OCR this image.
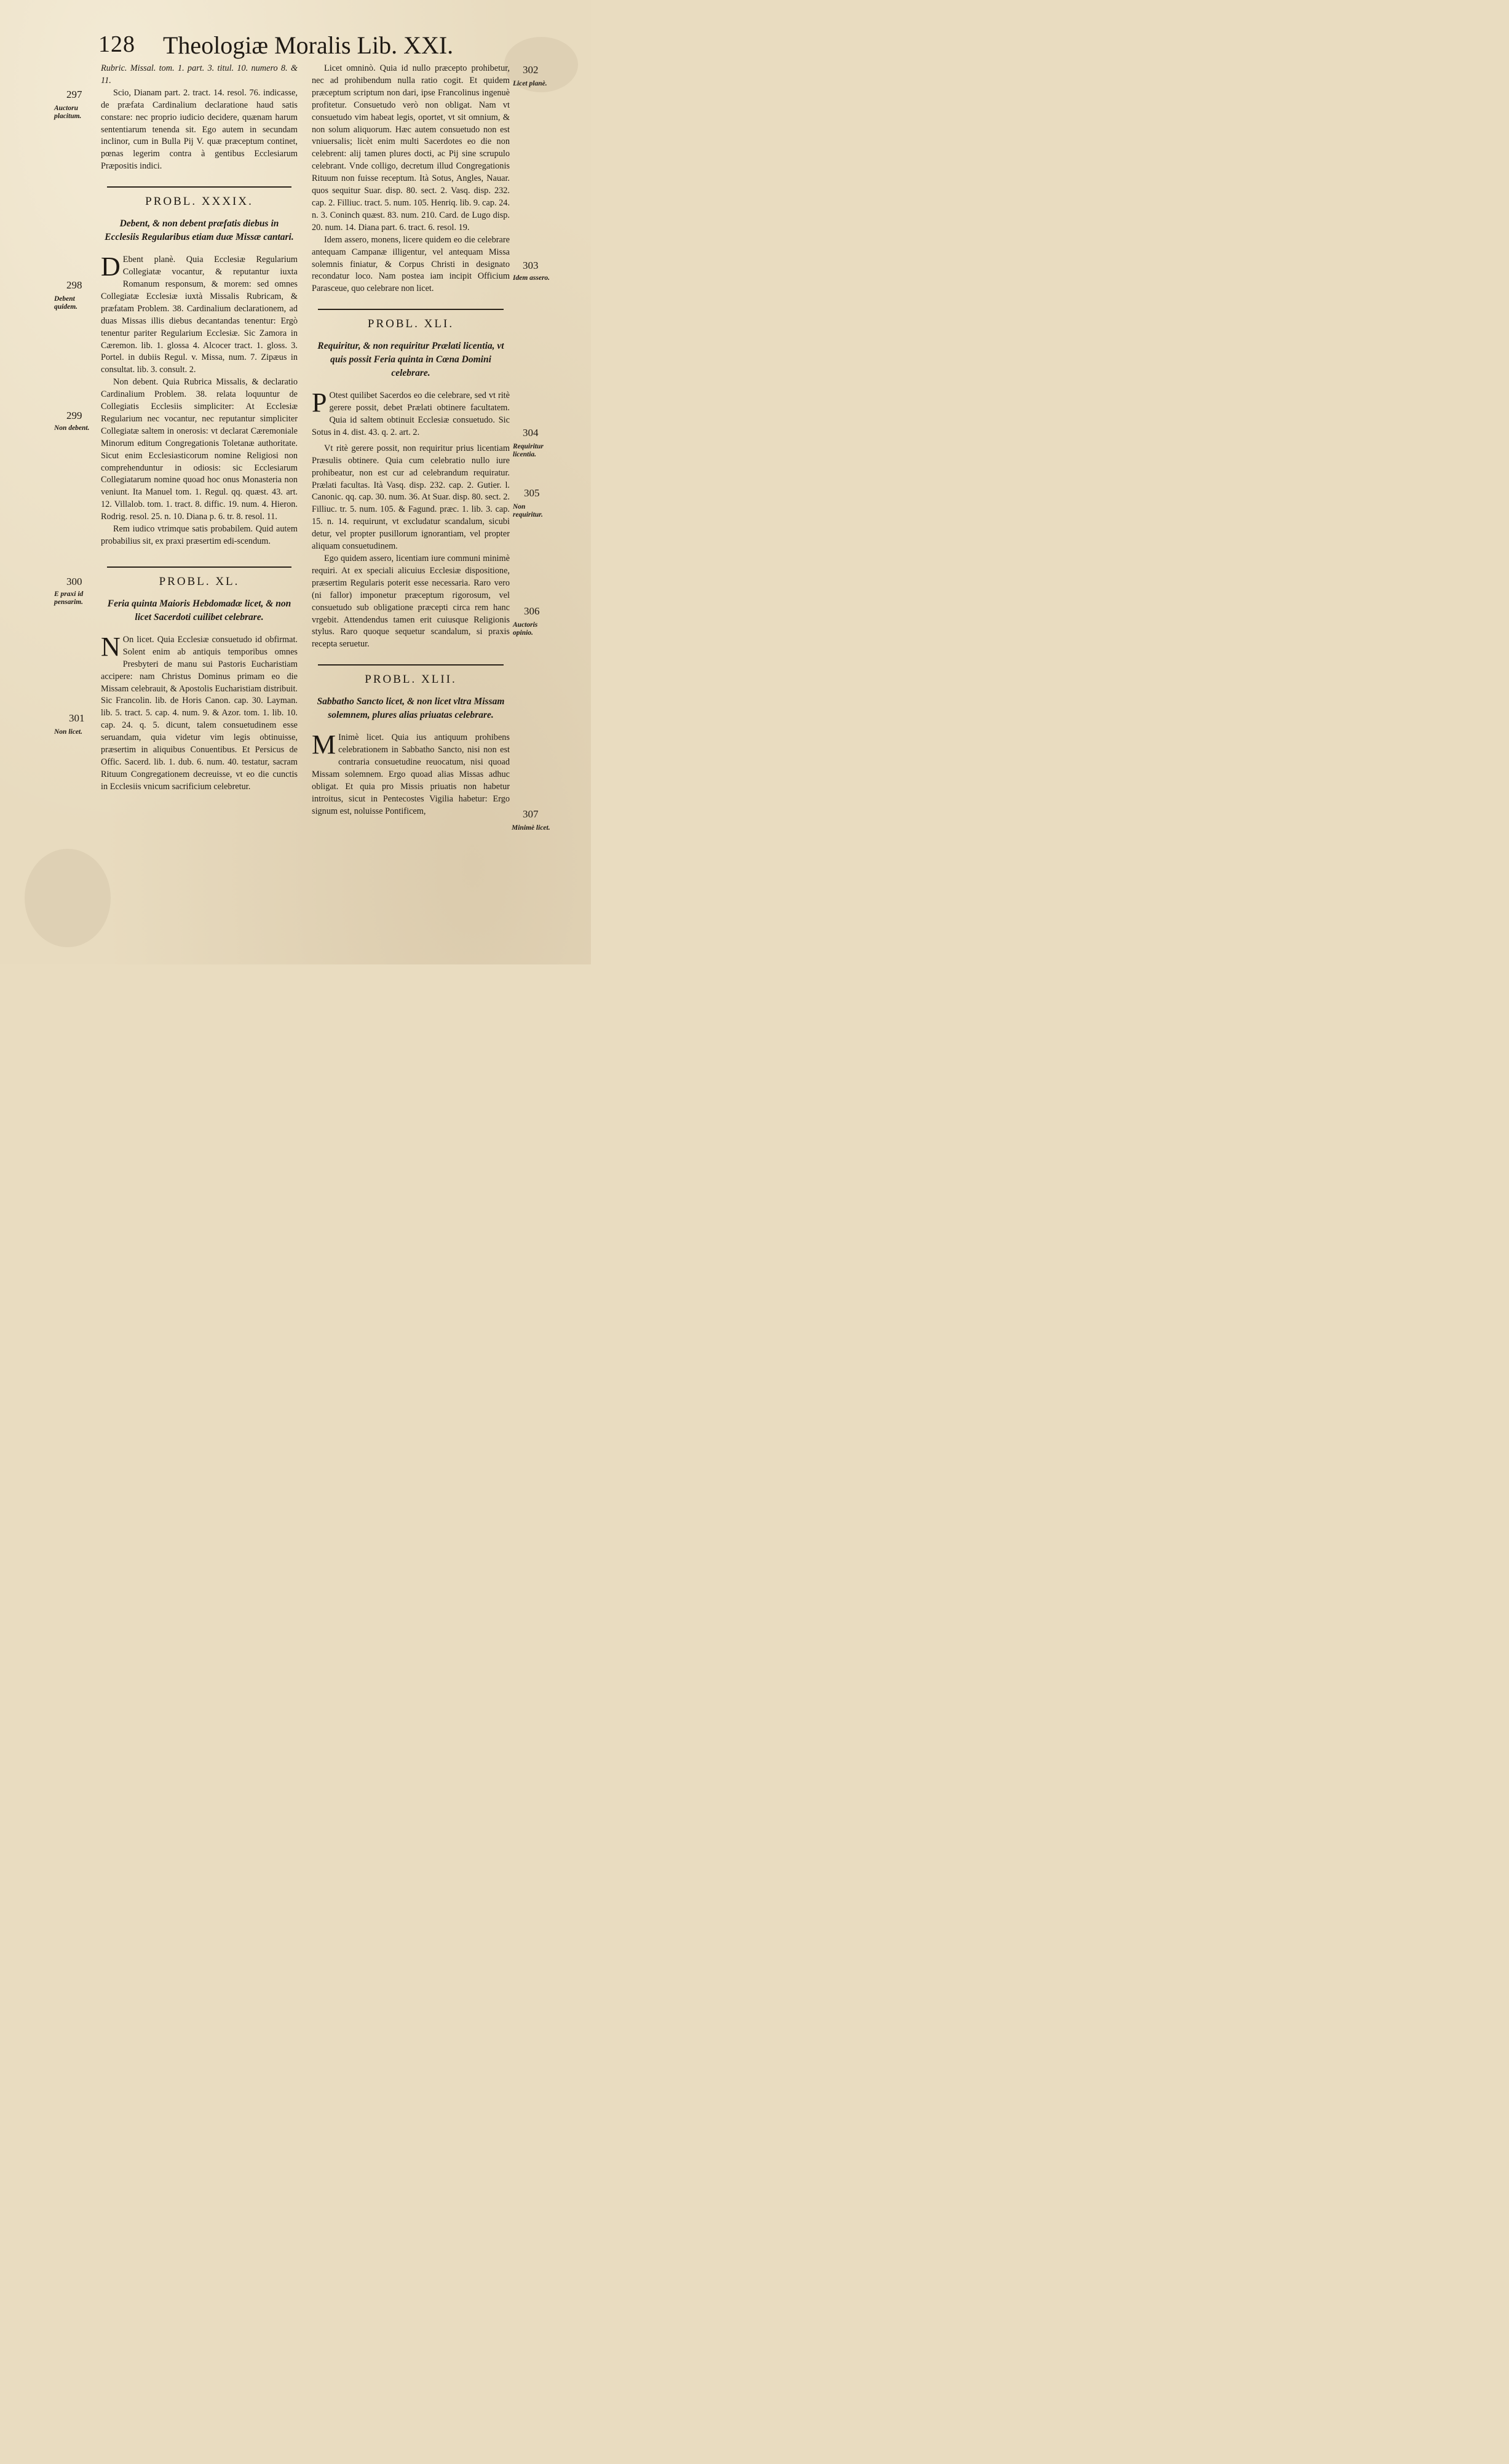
128 Theologiæ Moralis Lib. XXI.

Rubric. Missal. tom. 1. part. 3. titul. 10. numero 8. & 11.

Scio, Dianam part. 2. tract. 14. resol. 76. indicasse, de præfata Cardinalium declaratione haud satis constare: nec proprio iudicio decidere, quænam harum sententiarum tenenda sit. Ego autem in secundam inclinor, cum in Bulla Pij V. quæ præceptum continet, pœnas legerim contra à gentibus Ecclesiarum Præpositis indici.

PROBL. XXXIX.
Debent, & non debent præfatis diebus in Ecclesiis Regularibus etiam duæ Missæ cantari.

D Ebent planè. Quia Ecclesiæ Regularium Collegiatæ vocantur, & reputantur iuxta Romanum responsum, & morem: sed omnes Collegiatæ Ecclesiæ iuxtà Missalis Rubricam, & præfatam Problem. 38. Cardinalium declarationem, ad duas Missas illis diebus decantandas tenentur: Ergò tenentur pariter Regularium Ecclesiæ. Sic Zamora in Cæremon. lib. 1. glossa 4. Alcocer tract. 1. gloss. 3. Portel. in dubiis Regul. v. Missa, num. 7. Zipæus in consultat. lib. 3. consult. 2.

Non debent. Quia Rubrica Missalis, & declaratio Cardinalium Problem. 38. relata loquuntur de Collegiatis Ecclesiis simpliciter: At Ecclesiæ Regularium nec vocantur, nec reputantur simpliciter Collegiatæ saltem in onerosis: vt declarat Cæremoniale Minorum editum Congregationis Toletanæ authoritate. Sicut enim Ecclesiasticorum nomine Religiosi non comprehenduntur in odiosis: sic Ecclesiarum Collegiatarum nomine quoad hoc onus Monasteria non veniunt. Ita Manuel tom. 1. Regul. qq. quæst. 43. art. 12. Villalob. tom. 1. tract. 8. diffic. 19. num. 4. Hieron. Rodrig. resol. 25. n. 10. Diana p. 6. tr. 8. resol. 11.

Rem iudico vtrimque satis probabilem. Quid autem probabilius sit, ex praxi præsertim edi-scendum.

PROBL. XL.
Feria quinta Maioris Hebdomadæ licet, & non licet Sacerdoti cuilibet celebrare.

N On licet. Quia Ecclesiæ consuetudo id obfirmat. Solent enim ab antiquis temporibus omnes Presbyteri de manu sui Pastoris Eucharistiam accipere: nam Christus Dominus primam eo die Missam celebrauit, & Apostolis Eucharistiam distribuit. Sic Francolin. lib. de Horis Canon. cap. 30. Layman. lib. 5. tract. 5. cap. 4. num. 9. & Azor. tom. 1. lib. 10. cap. 24. q. 5. dicunt, talem consuetudinem esse seruandam, quia videtur vim legis obtinuisse, præsertim in aliquibus Conuentibus. Et Persicus de Offic. Sacerd. lib. 1. dub. 6. num. 40. testatur, sacram Rituum Congregationem decreuisse, vt eo die cunctis in Ecclesiis vnicum sacrificium celebretur.

Licet omninò. Quia id nullo præcepto prohibetur, nec ad prohibendum nulla ratio cogit. Et quidem præceptum scriptum non dari, ipse Francolinus ingenuè profitetur. Consuetudo verò non obligat. Nam vt consuetudo vim habeat legis, oportet, vt sit omnium, & non solum aliquorum. Hæc autem consuetudo non est vniuersalis; licèt enim multi Sacerdotes eo die non celebrent: alij tamen plures docti, ac Pij sine scrupulo celebrant. Vnde colligo, decretum illud Congregationis Rituum non fuisse receptum. Ità Sotus, Angles, Nauar. quos sequitur Suar. disp. 80. sect. 2. Vasq. disp. 232. cap. 2. Filliuc. tract. 5. num. 105. Henriq. lib. 9. cap. 24. n. 3. Coninch quæst. 83. num. 210. Card. de Lugo disp. 20. num. 14. Diana part. 6. tract. 6. resol. 19.

Idem assero, monens, licere quidem eo die celebrare antequam Campanæ illigentur, vel antequam Missa solemnis finiatur, & Corpus Christi in designato recondatur loco. Nam postea iam incipit Officium Parasceue, quo celebrare non licet.

PROBL. XLI.
Requiritur, & non requiritur Prælati licentia, vt quis possit Feria quinta in Cœna Domini celebrare.

P Otest quilibet Sacerdos eo die celebrare, sed vt ritè gerere possit, debet Prælati obtinere facultatem. Quia id saltem obtinuit Ecclesiæ consuetudo. Sic Sotus in 4. dist. 43. q. 2. art. 2.

Vt ritè gerere possit, non requiritur prius licentiam Præsulis obtinere. Quia cum celebratio nullo iure prohibeatur, non est cur ad celebrandum requiratur. Prælati facultas. Ità Vasq. disp. 232. cap. 2. Gutier. l. Canonic. qq. cap. 30. num. 36. At Suar. disp. 80. sect. 2. Filliuc. tr. 5. num. 105. & Fagund. præc. 1. lib. 3. cap. 15. n. 14. requirunt, vt excludatur scandalum, sicubi detur, vel propter pusillorum ignorantiam, vel propter aliquam consuetudinem.

Ego quidem assero, licentiam iure communi minimè requiri. At ex speciali alicuius Ecclesiæ dispositione, præsertim Regularis poterit esse necessaria. Raro vero (ni fallor) imponetur præceptum rigorosum, vel consuetudo sub obligatione præcepti circa rem hanc vrgebit. Attendendus tamen erit cuiusque Religionis stylus. Raro quoque sequetur scandalum, si praxis recepta seruetur.

PROBL. XLII.
Sabbatho Sancto licet, & non licet vltra Missam solemnem, plures alias priuatas celebrare.

M Inimè licet. Quia ius antiquum prohibens celebrationem in Sabbatho Sancto, nisi non est contraria consuetudine reuocatum, nisi quoad Missam solemnem. Ergo quoad alias Missas adhuc obligat. Et quia pro Missis priuatis non habetur introitus, sicut in Pentecostes Vigilia habetur: Ergo signum est, noluisse Pontificem,

297
Auctoru placitum.
298
Debent quidem.
299
Non debent.
300
E praxi id pensarim.
301
Non licet.
302
Licet planè.
303
Idem assero.
304
Requiritur licentia.
305
Non requiritur.
306
Auctoris opinio.
307
Minimè licet.
